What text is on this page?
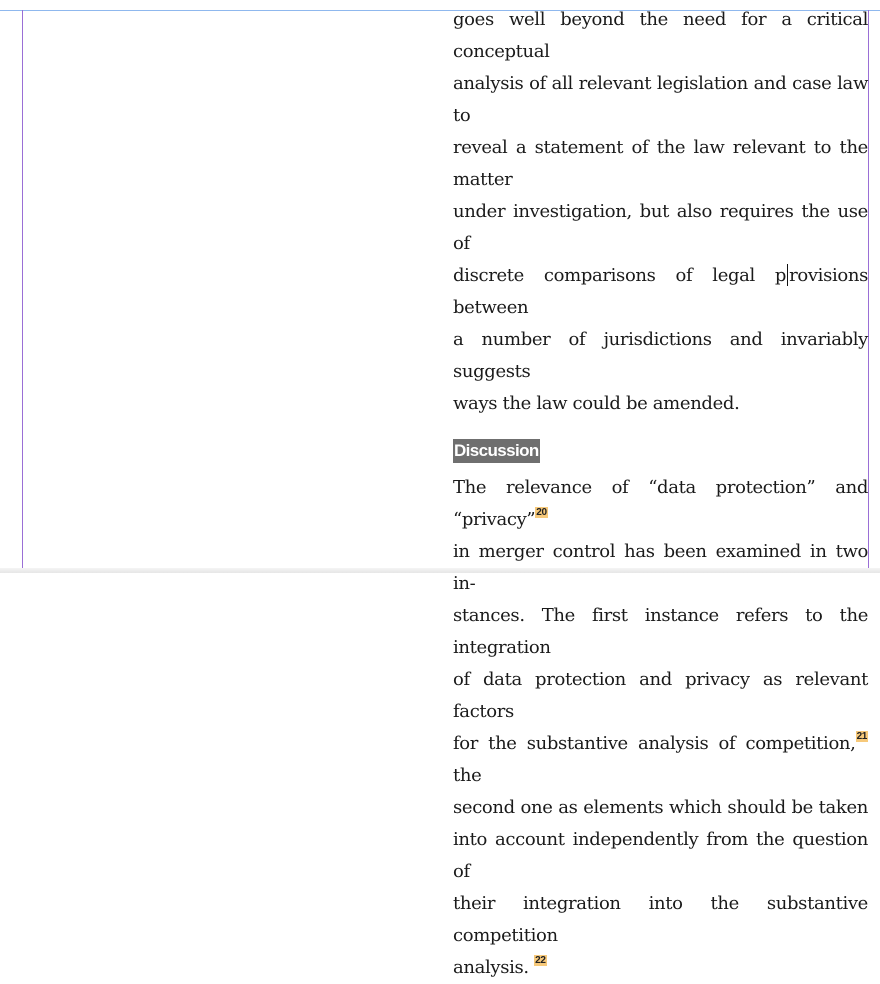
goes well beyond the need for a critical conceptual

analysis of all relevant legislation and case law to

reveal a statement of the law relevant to the matter

under investigation, but also requires the use of

discrete comparisons of legal p rovisions between

a number of jurisdictions and invariably suggests

ways the law could be amended.

Discussion

The relevance of “data protection” and “privacy”$^{20}$

in merger control has been examined in two in-

stances. The first instance refers to the integration

of data protection and privacy as relevant factors

for the substantive analysis of competition,$^{21}$ the

second one as elements which should be taken

into account independently from the question of

their integration into the substantive competition

analysis. $^{22}$
